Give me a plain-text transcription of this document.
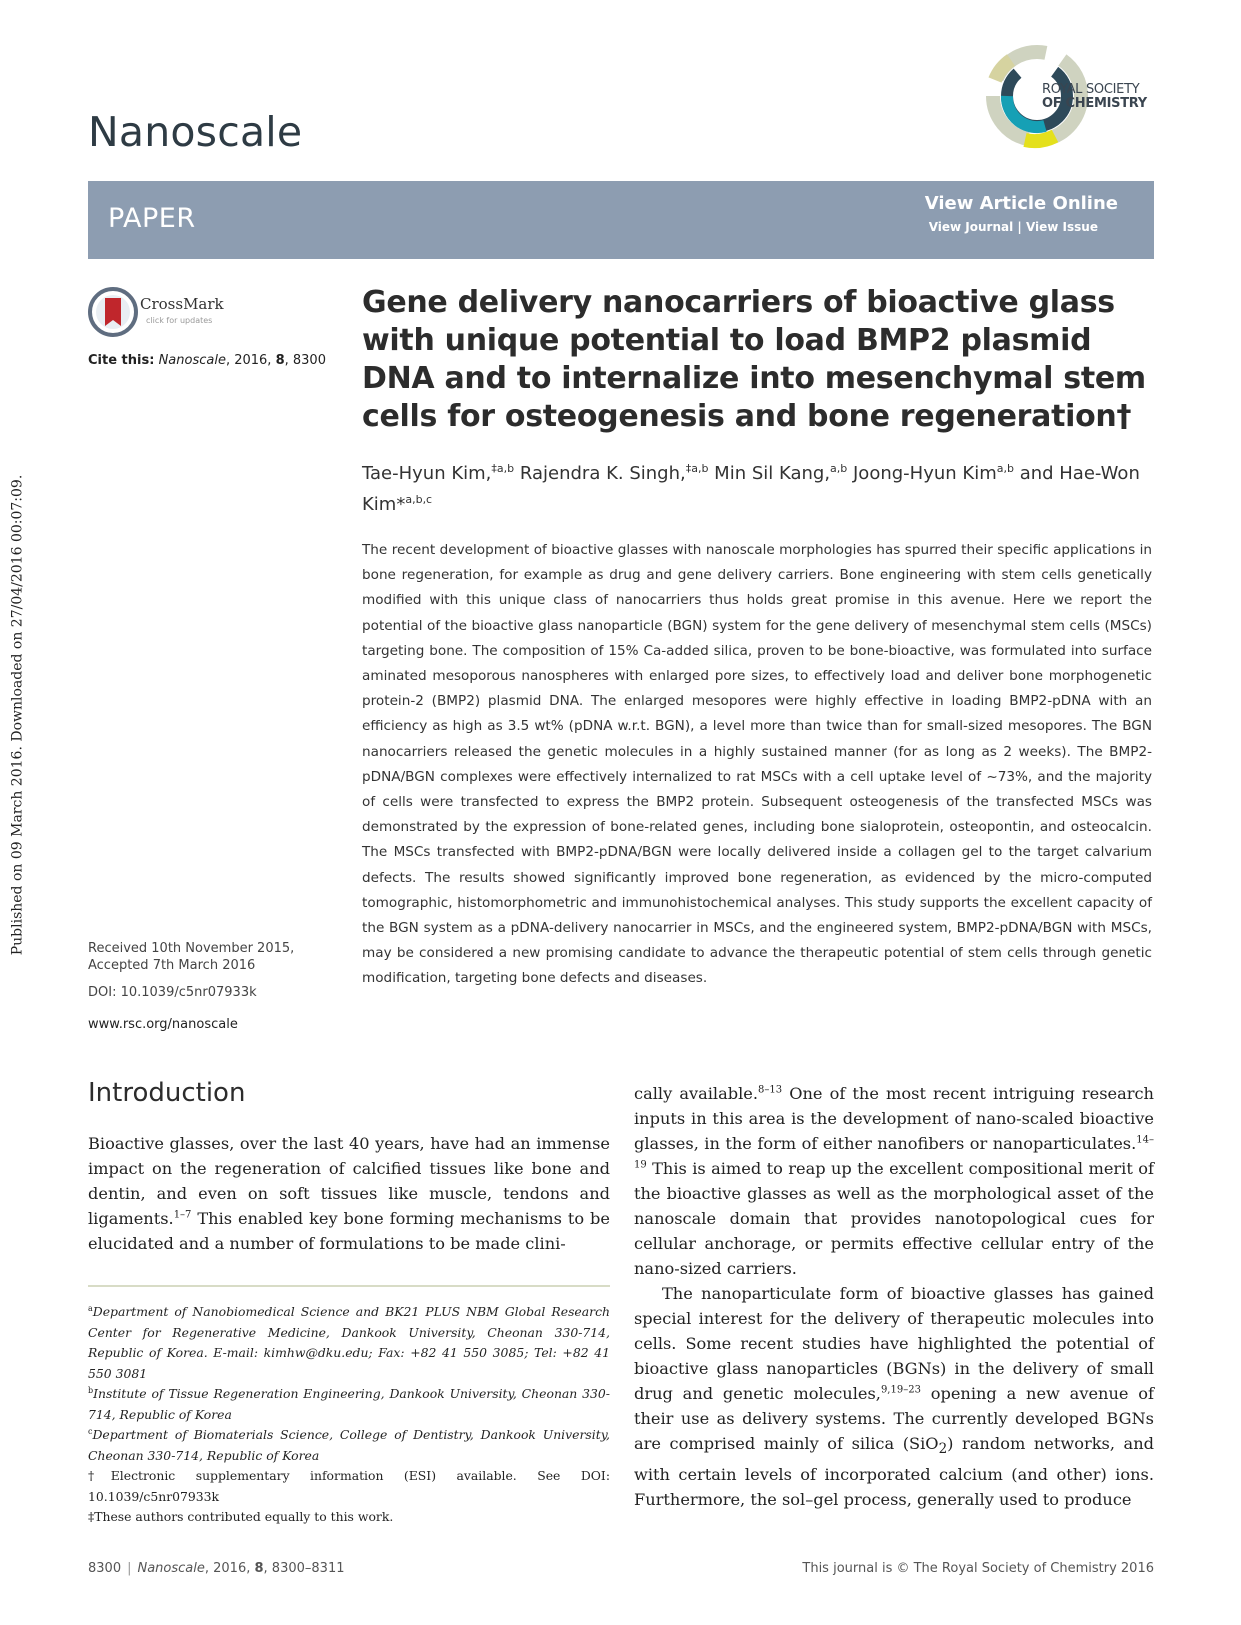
Published on 09 March 2016. Downloaded on 27/04/2016 00:07:09.
Nanoscale
ROYAL SOCIETY
OF CHEMISTRY
PAPER	View Article Online
View Journal | View Issue
CrossMark
click for updates
Cite this: Nanoscale, 2016, 8, 8300
Gene delivery nanocarriers of bioactive glass with unique potential to load BMP2 plasmid DNA and to internalize into mesenchymal stem cells for osteogenesis and bone regeneration†
Tae-Hyun Kim,$^{\ddagger a,b}$ Rajendra K. Singh,$^{\ddagger a,b}$ Min Sil Kang,$^{a,b}$ Joong-Hyun Kim$^{a,b}$ and Hae-Won Kim*$^{a,b,c}$

The recent development of bioactive glasses with nanoscale morphologies has spurred their specific applications in bone regeneration, for example as drug and gene delivery carriers. Bone engineering with stem cells genetically modified with this unique class of nanocarriers thus holds great promise in this avenue. Here we report the potential of the bioactive glass nanoparticle (BGN) system for the gene delivery of mesenchymal stem cells (MSCs) targeting bone. The composition of 15% Ca-added silica, proven to be bone-bioactive, was formulated into surface aminated mesoporous nanospheres with enlarged pore sizes, to effectively load and deliver bone morphogenetic protein-2 (BMP2) plasmid DNA. The enlarged mesopores were highly effective in loading BMP2-pDNA with an efficiency as high as 3.5 wt% (pDNA w.r.t. BGN), a level more than twice than for small-sized mesopores. The BGN nanocarriers released the genetic molecules in a highly sustained manner (for as long as 2 weeks). The BMP2-pDNA/BGN complexes were effectively internalized to rat MSCs with a cell uptake level of ~73%, and the majority of cells were transfected to express the BMP2 protein. Subsequent osteogenesis of the transfected MSCs was demonstrated by the expression of bone-related genes, including bone sialoprotein, osteopontin, and osteocalcin. The MSCs transfected with BMP2-pDNA/BGN were locally delivered inside a collagen gel to the target calvarium defects. The results showed significantly improved bone regeneration, as evidenced by the micro-computed tomographic, histomorphometric and immunohistochemical analyses. This study supports the excellent capacity of the BGN system as a pDNA-delivery nanocarrier in MSCs, and the engineered system, BMP2-pDNA/BGN with MSCs, may be considered a new promising candidate to advance the therapeutic potential of stem cells through genetic modification, targeting bone defects and diseases.

Received 10th November 2015,
Accepted 7th March 2016
DOI: 10.1039/c5nr07933k
www.rsc.org/nanoscale
Introduction

Bioactive glasses, over the last 40 years, have had an immense impact on the regeneration of calcified tissues like bone and dentin, and even on soft tissues like muscle, tendons and ligaments.$^{1-7}$ This enabled key bone forming mechanisms to be elucidated and a number of formulations to be made clini-

$^a$Department of Nanobiomedical Science and BK21 PLUS NBM Global Research Center for Regenerative Medicine, Dankook University, Cheonan 330-714, Republic of Korea. E-mail: kimhw@dku.edu; Fax: +82 41 550 3085; Tel: +82 41 550 3081
$^b$Institute of Tissue Regeneration Engineering, Dankook University, Cheonan 330-714, Republic of Korea
$^c$Department of Biomaterials Science, College of Dentistry, Dankook University, Cheonan 330-714, Republic of Korea
†Electronic supplementary information (ESI) available. See DOI: 10.1039/c5nr07933k
‡These authors contributed equally to this work.

cally available.$^{8-13}$ One of the most recent intriguing research inputs in this area is the development of nano-scaled bioactive glasses, in the form of either nanofibers or nanoparticulates.$^{14-19}$ This is aimed to reap up the excellent compositional merit of the bioactive glasses as well as the morphological asset of the nanoscale domain that provides nanotopological cues for cellular anchorage, or permits effective cellular entry of the nano-sized carriers.

The nanoparticulate form of bioactive glasses has gained special interest for the delivery of therapeutic molecules into cells. Some recent studies have highlighted the potential of bioactive glass nanoparticles (BGNs) in the delivery of small drug and genetic molecules,$^{9,19-23}$ opening a new avenue of their use as delivery systems. The currently developed BGNs are comprised mainly of silica (SiO$_2$) random networks, and with certain levels of incorporated calcium (and other) ions. Furthermore, the sol–gel process, generally used to produce

8300 | Nanoscale, 2016, 8, 8300–8311	This journal is © The Royal Society of Chemistry 2016
